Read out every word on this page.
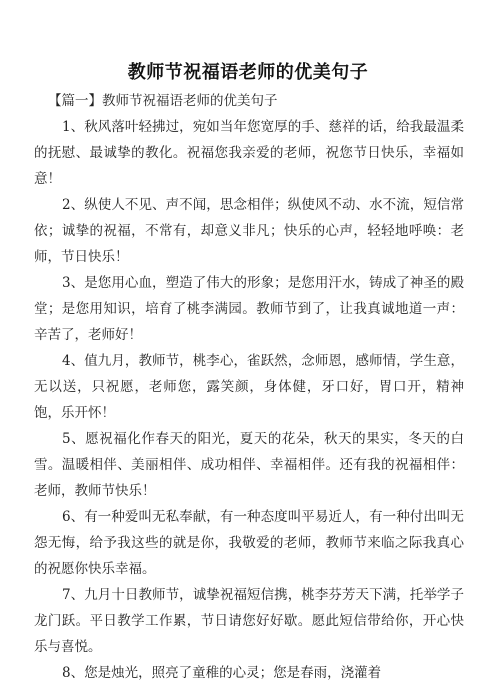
教师节祝福语老师的优美句子
【篇一】教师节祝福语老师的优美句子

1、秋风落叶轻拂过，宛如当年您宽厚的手、慈祥的话，给我最温柔的抚慰、最诚挚的教化。祝福您我亲爱的老师，祝您节日快乐，幸福如意！

2、纵使人不见、声不闻，思念相伴；纵使风不动、水不流，短信常依；诚挚的祝福，不常有，却意义非凡；快乐的心声，轻轻地呼唤：老师，节日快乐！

3、是您用心血，塑造了伟大的形象；是您用汗水，铸成了神圣的殿堂；是您用知识，培育了桃李满园。教师节到了，让我真诚地道一声：辛苦了，老师好！

4、值九月，教师节，桃李心，雀跃然，念师恩，感师情，学生意，无以送，只祝愿，老师您，露笑颜，身体健，牙口好，胃口开，精神饱，乐开怀！

5、愿祝福化作春天的阳光，夏天的花朵，秋天的果实，冬天的白雪。温暖相伴、美丽相伴、成功相伴、幸福相伴。还有我的祝福相伴：老师，教师节快乐！

6、有一种爱叫无私奉献，有一种态度叫平易近人，有一种付出叫无怨无悔，给予我这些的就是你，我敬爱的老师，教师节来临之际我真心的祝愿你快乐幸福。

7、九月十日教师节，诚挚祝福短信携，桃李芬芳天下满，托举学子龙门跃。平日教学工作累，节日请您好好歇。愿此短信带给你，开心快乐与喜悦。

8、您是烛光，照亮了童稚的心灵；您是春雨，浇灌着
